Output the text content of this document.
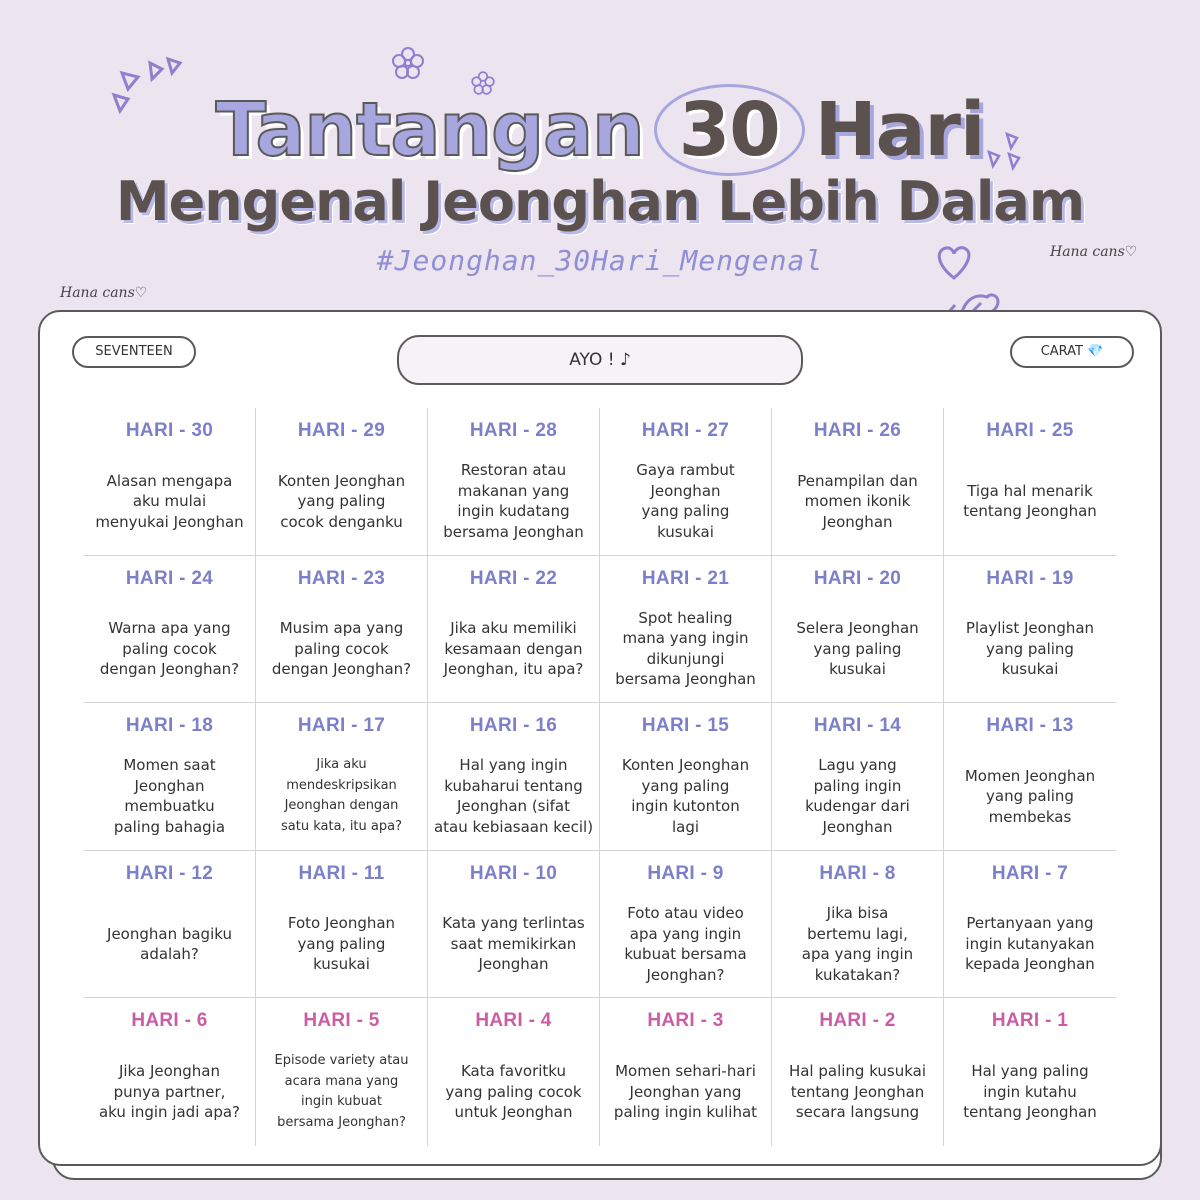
Tantangan 30 Hari
Mengenal Jeonghan Lebih Dalam
#Jeonghan_30Hari_Mengenal	Hana cans♡
Hana cans♡
SEVENTEEN	AYO ! ♪	CARAT 💎
HARI - 30
Alasan mengapa
aku mulai
menyukai Jeonghan
HARI - 29
Konten Jeonghan
yang paling
cocok denganku
HARI - 28
Restoran atau
makanan yang
ingin kudatang
bersama Jeonghan
HARI - 27
Gaya rambut
Jeonghan
yang paling
kusukai
HARI - 26
Penampilan dan
momen ikonik
Jeonghan
HARI - 25
Tiga hal menarik
tentang Jeonghan
HARI - 24
Warna apa yang
paling cocok
dengan Jeonghan?
HARI - 23
Musim apa yang
paling cocok
dengan Jeonghan?
HARI - 22
Jika aku memiliki
kesamaan dengan
Jeonghan, itu apa?
HARI - 21
Spot healing
mana yang ingin
dikunjungi
bersama Jeonghan
HARI - 20
Selera Jeonghan
yang paling
kusukai
HARI - 19
Playlist Jeonghan
yang paling
kusukai
HARI - 18
Momen saat
Jeonghan membuatku
paling bahagia
HARI - 17
Jika aku mendeskripsikan
Jeonghan dengan
satu kata, itu apa?
HARI - 16
Hal yang ingin
kubaharui tentang
Jeonghan (sifat
atau kebiasaan kecil)
HARI - 15
Konten Jeonghan
yang paling
ingin kutonton
lagi
HARI - 14
Lagu yang
paling ingin
kudengar dari
Jeonghan
HARI - 13
Momen Jeonghan
yang paling
membekas
HARI - 12
Jeonghan bagiku
adalah?
HARI - 11
Foto Jeonghan
yang paling
kusukai
HARI - 10
Kata yang terlintas
saat memikirkan
Jeonghan
HARI - 9
Foto atau video
apa yang ingin
kubuat bersama
Jeonghan?
HARI - 8
Jika bisa
bertemu lagi,
apa yang ingin
kukatakan?
HARI - 7
Pertanyaan yang
ingin kutanyakan
kepada Jeonghan
HARI - 6
Jika Jeonghan
punya partner,
aku ingin jadi apa?
HARI - 5
Episode variety atau
acara mana yang
ingin kubuat
bersama Jeonghan?
HARI - 4
Kata favoritku
yang paling cocok
untuk Jeonghan
HARI - 3
Momen sehari-hari
Jeonghan yang
paling ingin kulihat
HARI - 2
Hal paling kusukai
tentang Jeonghan
secara langsung
HARI - 1
Hal yang paling
ingin kutahu
tentang Jeonghan
